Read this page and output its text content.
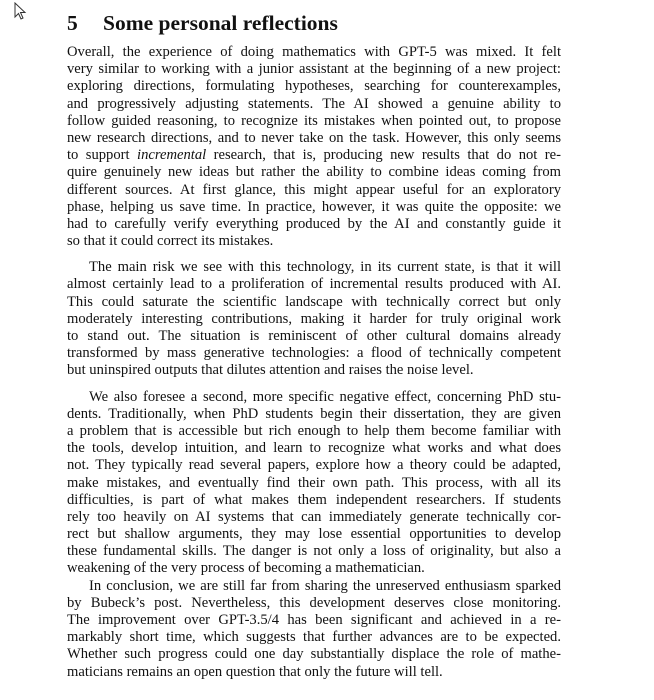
5 Some personal reflections

Overall, the experience of doing mathematics with GPT-5 was mixed. It felt
very similar to working with a junior assistant at the beginning of a new project:
exploring directions, formulating hypotheses, searching for counterexamples,
and progressively adjusting statements. The AI showed a genuine ability to
follow guided reasoning, to recognize its mistakes when pointed out, to propose
new research directions, and to never take on the task. However, this only seems
to support incremental research, that is, producing new results that do not re-
quire genuinely new ideas but rather the ability to combine ideas coming from
different sources. At first glance, this might appear useful for an exploratory
phase, helping us save time. In practice, however, it was quite the opposite: we
had to carefully verify everything produced by the AI and constantly guide it
so that it could correct its mistakes.

The main risk we see with this technology, in its current state, is that it will
almost certainly lead to a proliferation of incremental results produced with AI.
This could saturate the scientific landscape with technically correct but only
moderately interesting contributions, making it harder for truly original work
to stand out. The situation is reminiscent of other cultural domains already
transformed by mass generative technologies: a flood of technically competent
but uninspired outputs that dilutes attention and raises the noise level.

We also foresee a second, more specific negative effect, concerning PhD stu-
dents. Traditionally, when PhD students begin their dissertation, they are given
a problem that is accessible but rich enough to help them become familiar with
the tools, develop intuition, and learn to recognize what works and what does
not. They typically read several papers, explore how a theory could be adapted,
make mistakes, and eventually find their own path. This process, with all its
difficulties, is part of what makes them independent researchers. If students
rely too heavily on AI systems that can immediately generate technically cor-
rect but shallow arguments, they may lose essential opportunities to develop
these fundamental skills. The danger is not only a loss of originality, but also a
weakening of the very process of becoming a mathematician.

In conclusion, we are still far from sharing the unreserved enthusiasm sparked
by Bubeck’s post. Nevertheless, this development deserves close monitoring.
The improvement over GPT-3.5/4 has been significant and achieved in a re-
markably short time, which suggests that further advances are to be expected.
Whether such progress could one day substantially displace the role of mathe-
maticians remains an open question that only the future will tell.
